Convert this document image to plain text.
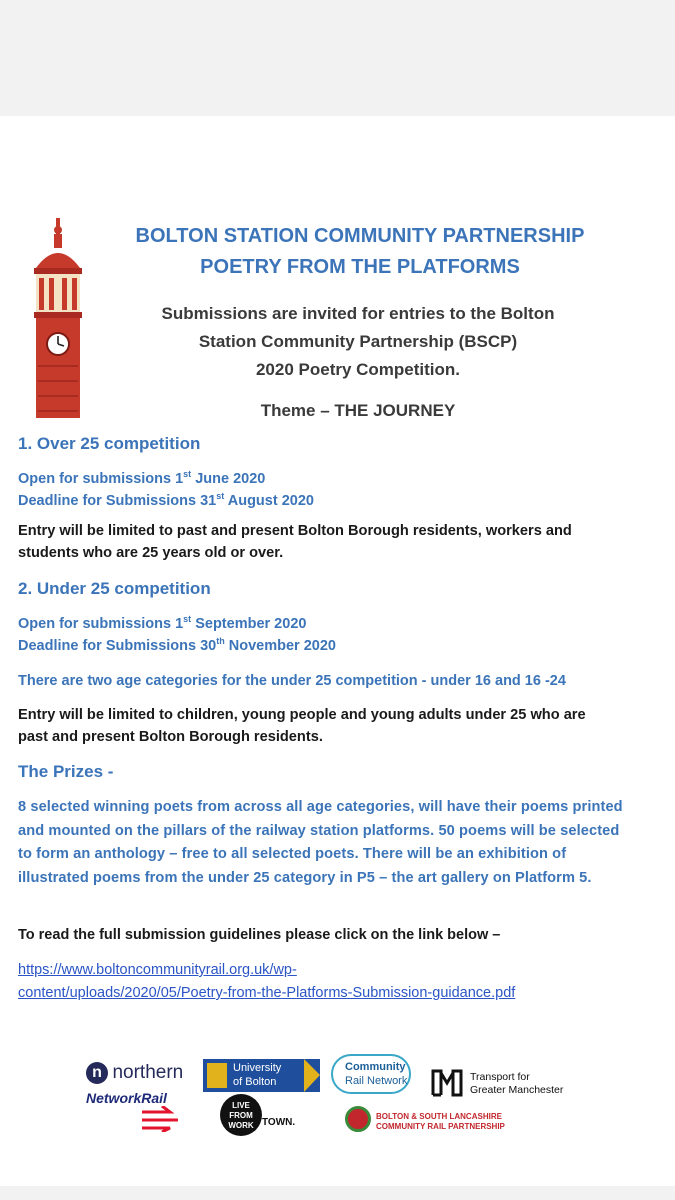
BOLTON STATION COMMUNITY PARTNERSHIP
POETRY FROM THE PLATFORMS
Submissions are invited for entries to the Bolton
Station Community Partnership (BSCP)
2020 Poetry Competition.
Theme – THE JOURNEY
1. Over 25 competition
Open for submissions 1st June 2020
Deadline for Submissions 31st August 2020
Entry will be limited to past and present Bolton Borough residents, workers and students who are 25 years old or over.
2. Under 25 competition
Open for submissions 1st September 2020
Deadline for Submissions 30th November 2020
There are two age categories for the under 25 competition - under 16 and 16 -24
Entry will be limited to children, young people and young adults under 25 who are past and present Bolton Borough residents.
The Prizes -
8 selected winning poets from across all age categories, will have their poems printed and mounted on the pillars of the railway station platforms. 50 poems will be selected to form an anthology – free to all selected poets. There will be an exhibition of illustrated poems from the under 25 category in P5 – the art gallery on Platform 5.
To read the full submission guidelines please click on the link below –
https://www.boltoncommunityrail.org.uk/wp-
content/uploads/2020/05/Poetry-from-the-Platforms-Submission-guidance.pdf
n northern
NetworkRail
University
of Bolton
LIVE
FROM
WORK TOWN.
Community
Rail Network	Transport for
Greater Manchester
BOLTON & SOUTH LANCASHIRE
COMMUNITY RAIL PARTNERSHIP
